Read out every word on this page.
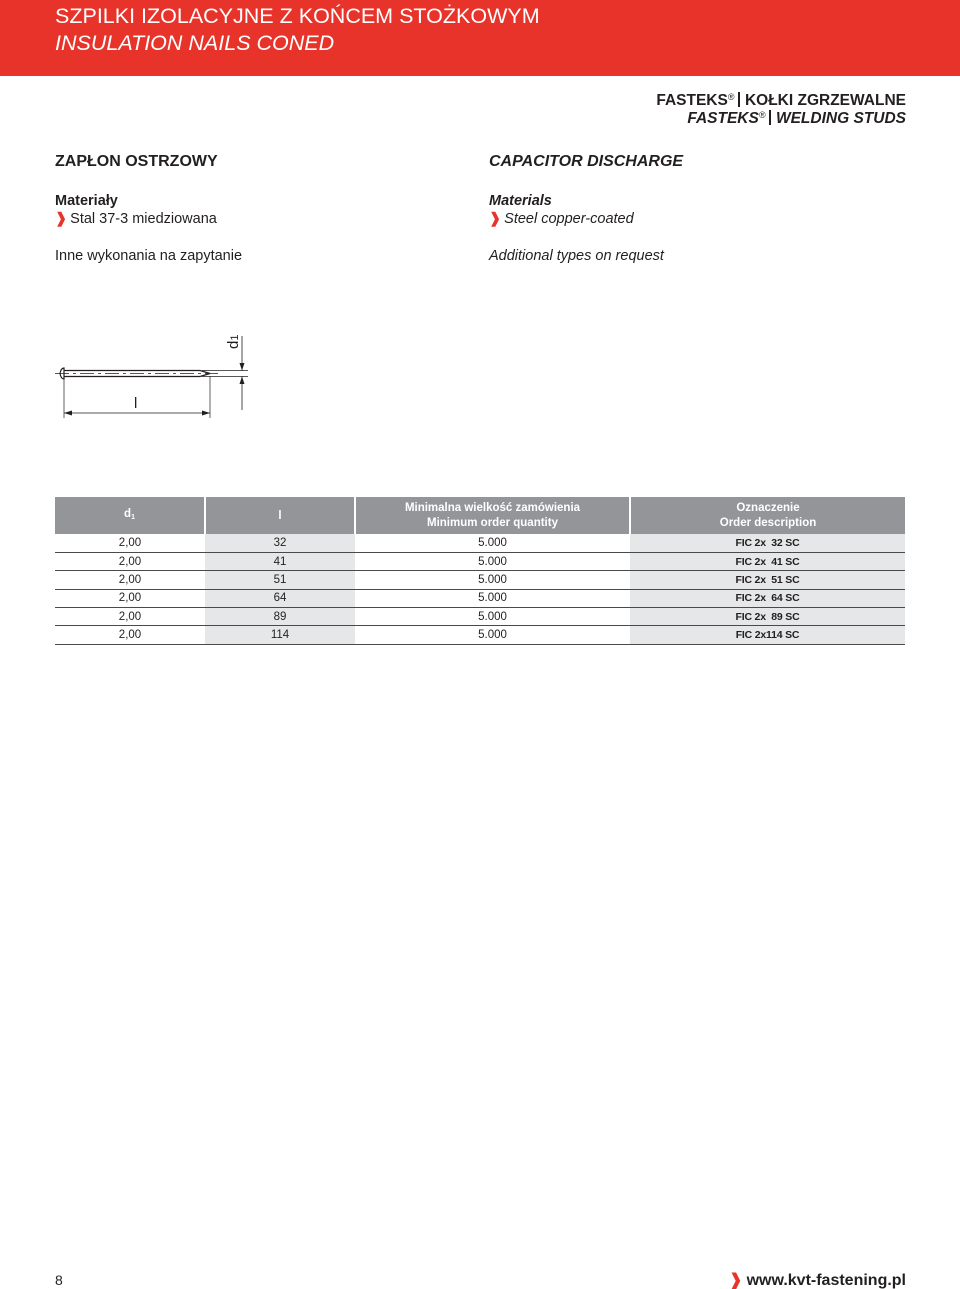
SZPILKI IZOLACYJNE Z KOŃCEM STOŻKOWYM
INSULATION NAILS CONED
FASTEKS® KOŁKI ZGRZEWALNE
FASTEKS® WELDING STUDS
ZAPŁON OSTRZOWY
Materiały
❱ Stal 37-3 miedziowana
Inne wykonania na zapytanie
CAPACITOR DISCHARGE
Materials
❱ Steel copper-coated
Additional types on request
d1
l
$d_1$	l	Minimalna wielkość zamówienia
Minimum order quantity	Oznaczenie
Order description
2,00	32	5.000	FIC 2x  32 SC
2,00	41	5.000	FIC 2x  41 SC
2,00	51	5.000	FIC 2x  51 SC
2,00	64	5.000	FIC 2x  64 SC
2,00	89	5.000	FIC 2x  89 SC
2,00	114	5.000	FIC 2x114 SC
8	❱ www.kvt-fastening.pl
